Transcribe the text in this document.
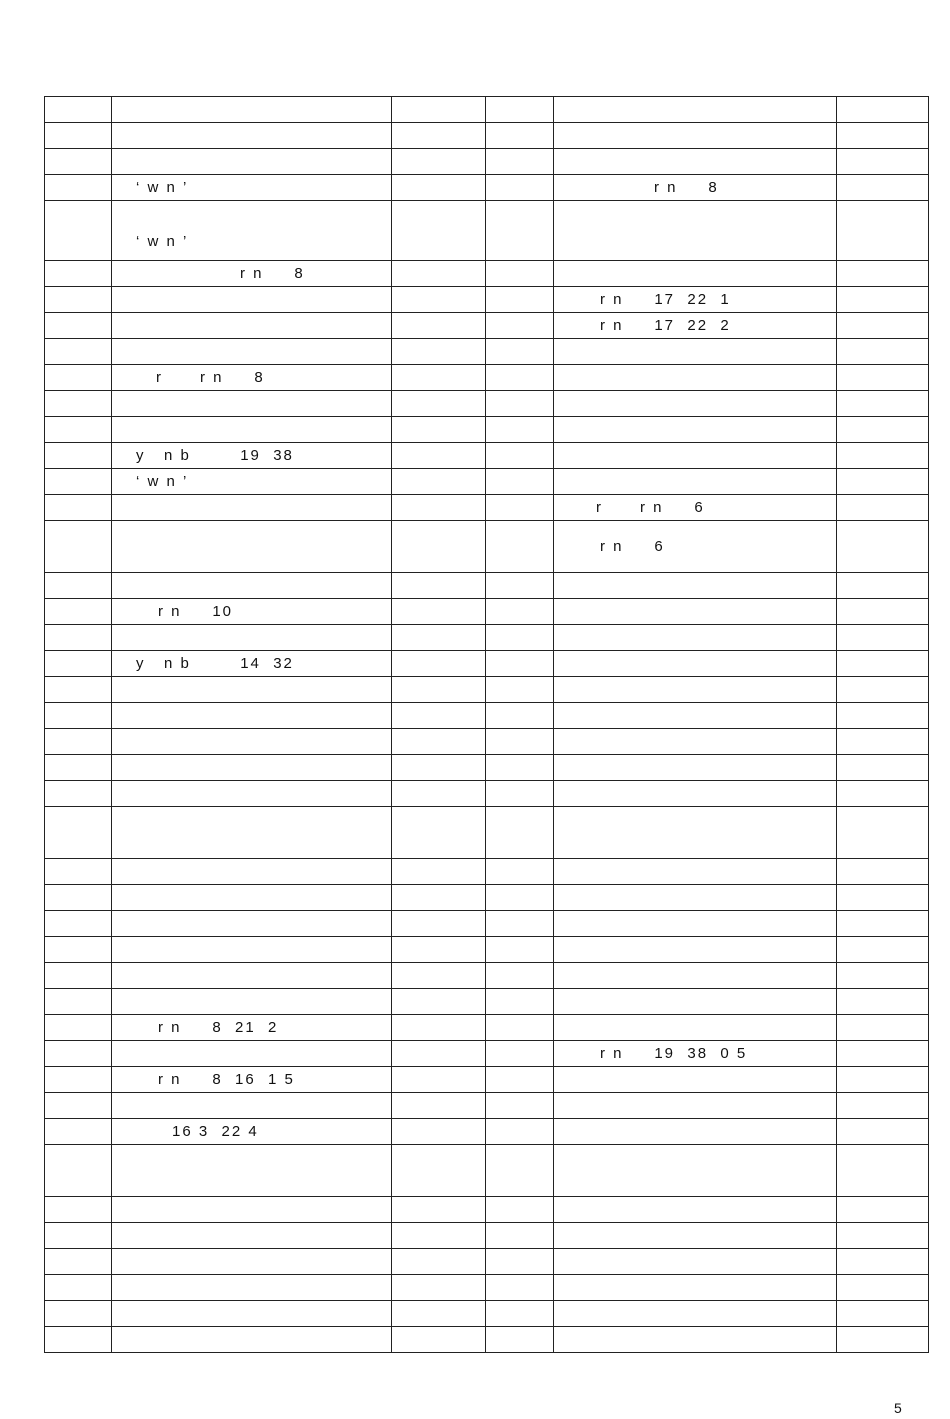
	‘ w n ’			r n     8	
	‘ w n ’				
	r n     8				
				r n     17  22  1	
				r n     17  22  2	

	r      r n     8				

	y   n b        19  38				
	‘ w n ’				
				r      r n     6	
				r n     6	

	r n     10				

	y   n b        14  32				

	r n     8  21  2				
				r n     19  38  0 5	
	r n     8  16  1 5				

	16 3  22 4				

5
